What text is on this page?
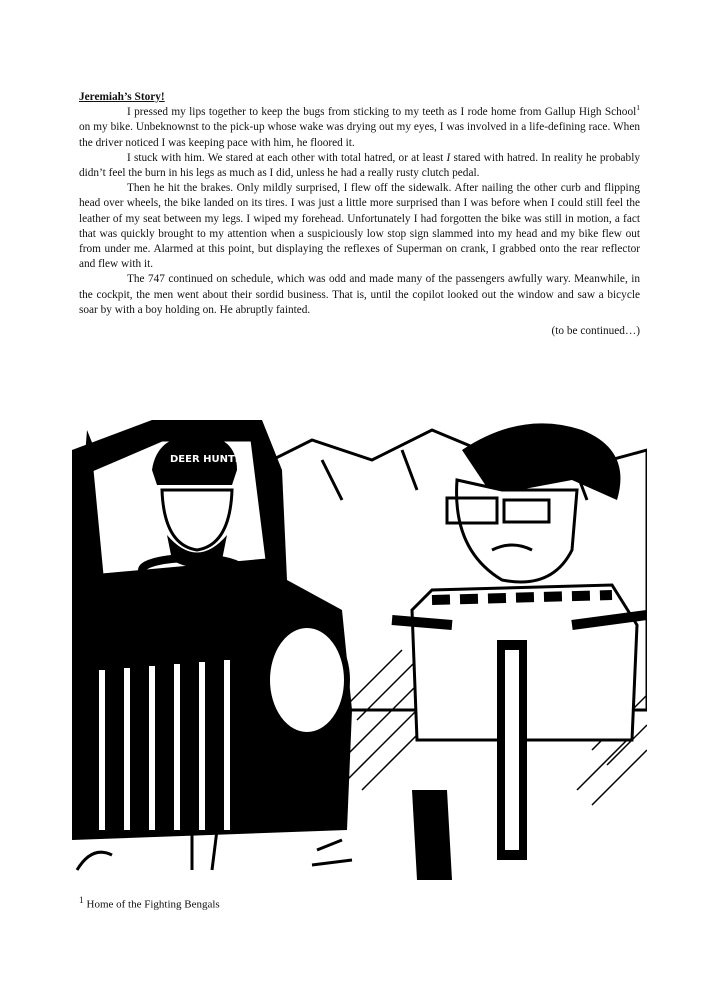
Jeremiah’s Story!

I pressed my lips together to keep the bugs from sticking to my teeth as I rode home from Gallup High School$^1$ on my bike. Unbeknownst to the pick-up whose wake was drying out my eyes, I was involved in a life-defining race. When the driver noticed I was keeping pace with him, he floored it.

I stuck with him. We stared at each other with total hatred, or at least I stared with hatred. In reality he probably didn’t feel the burn in his legs as much as I did, unless he had a really rusty clutch pedal.

Then he hit the brakes. Only mildly surprised, I flew off the sidewalk. After nailing the other curb and flipping head over wheels, the bike landed on its tires. I was just a little more surprised than I was before when I could still feel the leather of my seat between my legs. I wiped my forehead. Unfortunately I had forgotten the bike was still in motion, a fact that was quickly brought to my attention when a suspiciously low stop sign slammed into my head and my bike flew out from under me. Alarmed at this point, but displaying the reflexes of Superman on crank, I grabbed onto the rear reflector and flew with it.

The 747 continued on schedule, which was odd and made many of the passengers awfully wary. Meanwhile, in the cockpit, the men went about their sordid business. That is, until the copilot looked out the window and saw a bicycle soar by with a boy holding on. He abruptly fainted.

(to be continued…)

DEER HUNTER
$^1$ Home of the Fighting Bengals
